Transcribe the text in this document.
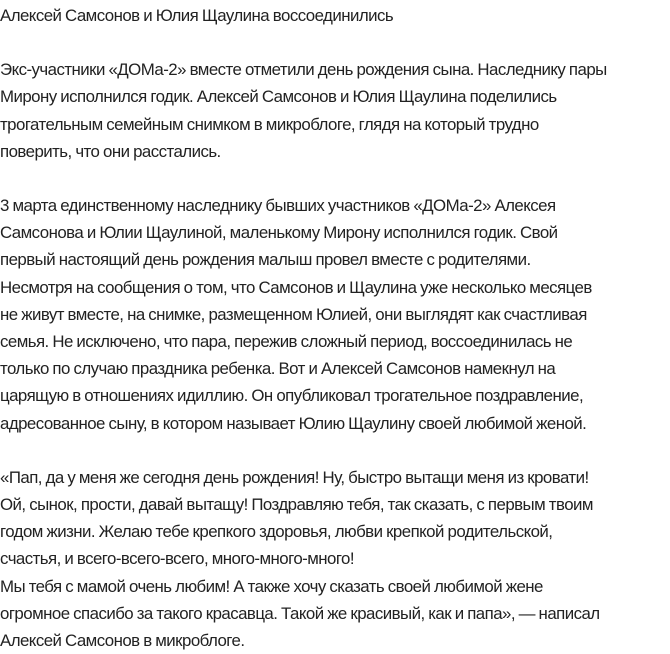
Алексей Самсонов и Юлия Щаулина воссоединились
Экс-участники «ДОМа-2» вместе отметили день рождения сына. Наследнику пары
Мирону исполнился годик. Алексей Самсонов и Юлия Щаулина поделились
трогательным семейным снимком в микроблоге, глядя на который трудно
поверить, что они расстались.
3 марта единственному наследнику бывших участников «ДОМа-2» Алексея
Самсонова и Юлии Щаулиной, маленькому Мирону исполнился годик. Свой
первый настоящий день рождения малыш провел вместе с родителями.
Несмотря на сообщения о том, что Самсонов и Щаулина уже несколько месяцев
не живут вместе, на снимке, размещенном Юлией, они выглядят как счастливая
семья. Не исключено, что пара, пережив сложный период, воссоединилась не
только по случаю праздника ребенка. Вот и Алексей Самсонов намекнул на
царящую в отношениях идиллию. Он опубликовал трогательное поздравление,
адресованное сыну, в котором называет Юлию Щаулину своей любимой женой.
«Пап, да у меня же сегодня день рождения! Ну, быстро вытащи меня из кровати!
Ой, сынок, прости, давай вытащу! Поздравляю тебя, так сказать, с первым твоим
годом жизни. Желаю тебе крепкого здоровья, любви крепкой родительской,
счастья, и всего-всего-всего, много-много-много!
Мы тебя с мамой очень любим! А также хочу сказать своей любимой жене
огромное спасибо за такого красавца. Такой же красивый, как и папа», — написал
Алексей Самсонов в микроблоге.
